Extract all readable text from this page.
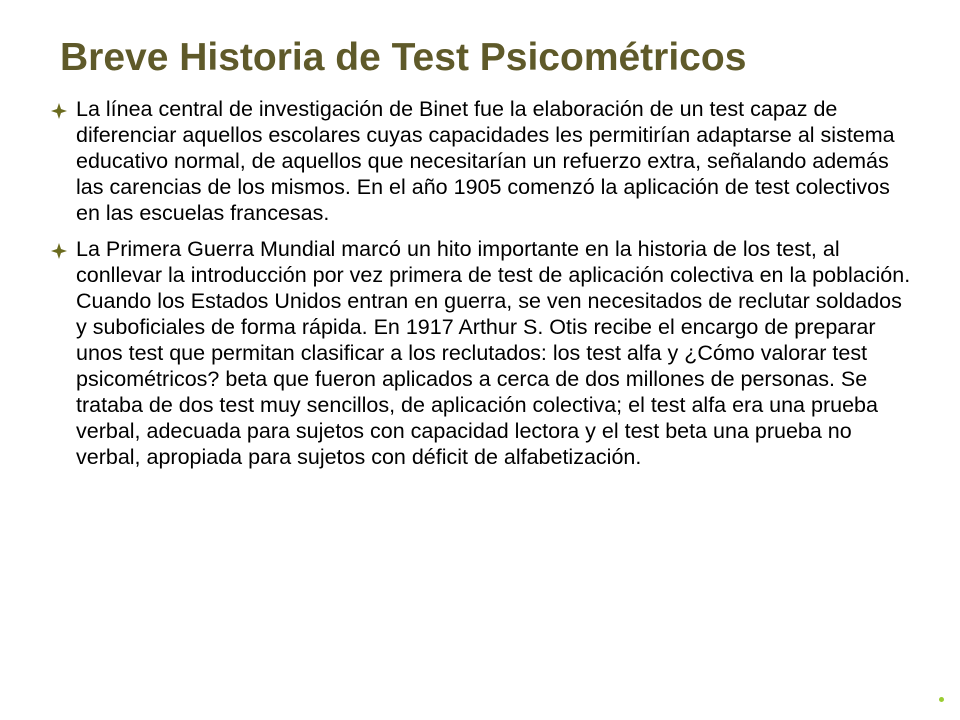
Breve Historia de Test Psicométricos
La línea central de investigación de Binet fue la elaboración de un test capaz de diferenciar aquellos escolares cuyas capacidades les permitirían adaptarse al sistema educativo normal, de aquellos que necesitarían un refuerzo extra, señalando además las carencias de los mismos. En el año 1905 comenzó la aplicación de test colectivos en las escuelas francesas.
La Primera Guerra Mundial marcó un hito importante en la historia de los test, al conllevar la introducción por vez primera de test de aplicación colectiva en la población. Cuando los Estados Unidos entran en guerra, se ven necesitados de reclutar soldados y suboficiales de forma rápida. En 1917 Arthur S. Otis recibe el encargo de preparar unos test que permitan clasificar a los reclutados: los test alfa y ¿Cómo valorar test psicométricos? beta que fueron aplicados a cerca de dos millones de personas. Se trataba de dos test muy sencillos, de aplicación colectiva; el test alfa era una prueba verbal, adecuada para sujetos con capacidad lectora y el test beta una prueba no verbal, apropiada para sujetos con déficit de alfabetización.
